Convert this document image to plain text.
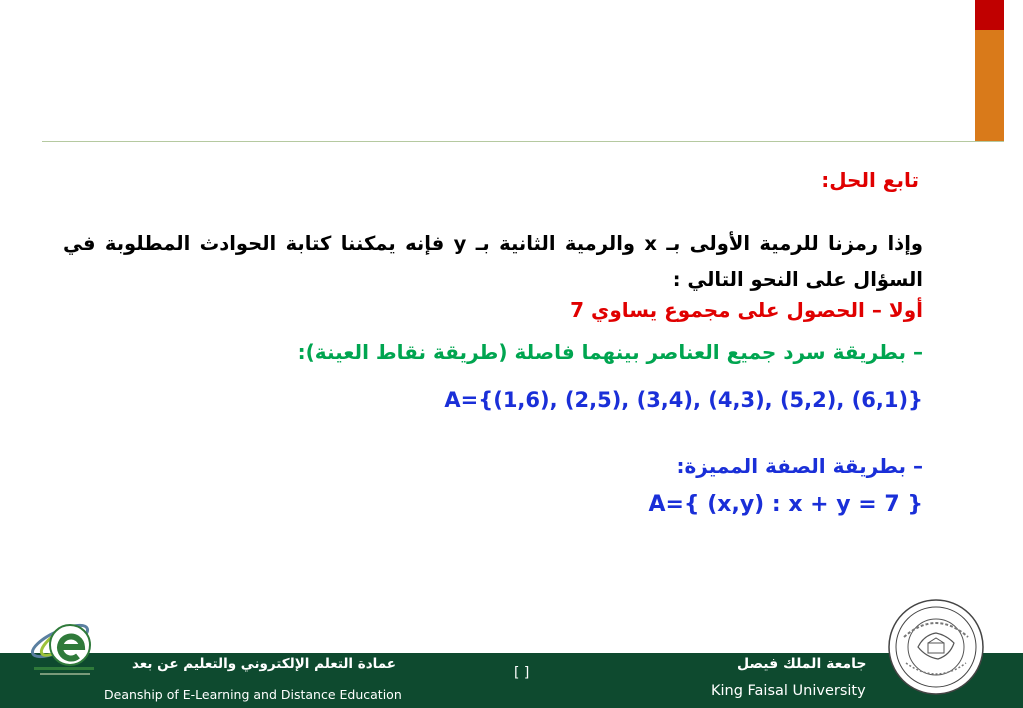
تابع الحل:
وإذا رمزنا للرمية الأولى بـ x والرمية الثانية بـ y فإنه يمكننا كتابة الحوادث المطلوبة في السؤال على النحو التالي :
أولا – الحصول على مجموع يساوي 7
– بطريقة سرد جميع العناصر بينهما فاصلة (طريقة نقاط العينة):
A={(1,6), (2,5), (3,4), (4,3), (5,2), (6,1)}
– بطريقة الصفة المميزة:
A={ (x,y) : x + y = 7 }
عمادة التعلم الإلكتروني والتعليم عن بعد
Deanship of E-Learning and Distance Education
[ ]
جامعة الملك فيصل
King Faisal University
